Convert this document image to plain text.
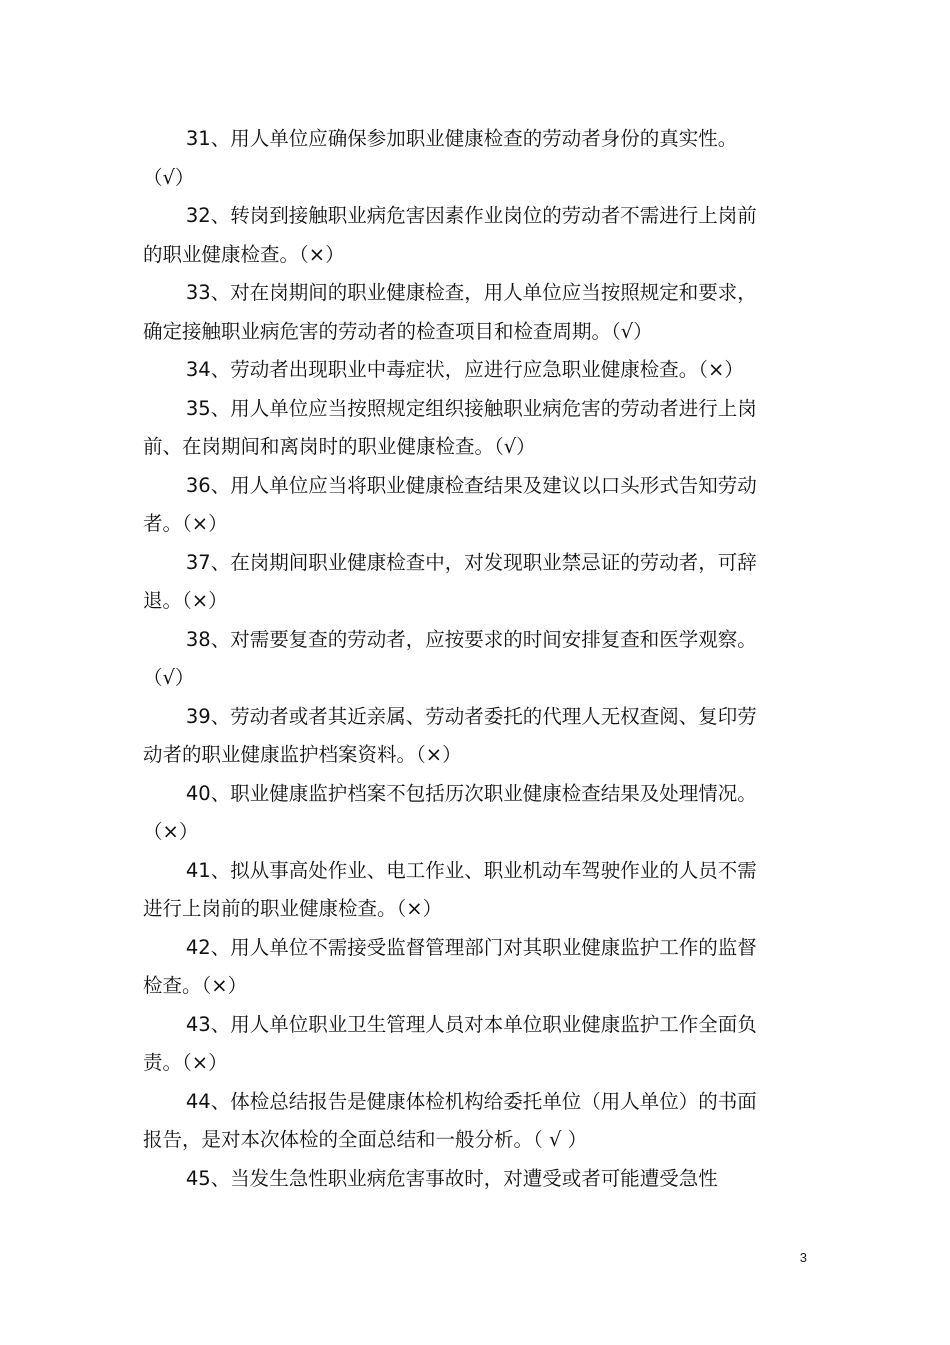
31、用人单位应确保参加职业健康检查的劳动者身份的真实性。（√）

32、转岗到接触职业病危害因素作业岗位的劳动者不需进行上岗前的职业健康检查。（×）

33、对在岗期间的职业健康检查，用人单位应当按照规定和要求，确定接触职业病危害的劳动者的检查项目和检查周期。（√）

34、劳动者出现职业中毒症状，应进行应急职业健康检查。（×）

35、用人单位应当按照规定组织接触职业病危害的劳动者进行上岗前、在岗期间和离岗时的职业健康检查。（√）

36、用人单位应当将职业健康检查结果及建议以口头形式告知劳动者。（×）

37、在岗期间职业健康检查中，对发现职业禁忌证的劳动者，可辞退。（×）

38、对需要复查的劳动者，应按要求的时间安排复查和医学观察。（√）

39、劳动者或者其近亲属、劳动者委托的代理人无权查阅、复印劳动者的职业健康监护档案资料。（×）

40、职业健康监护档案不包括历次职业健康检查结果及处理情况。（×）

41、拟从事高处作业、电工作业、职业机动车驾驶作业的人员不需进行上岗前的职业健康检查。（×）

42、用人单位不需接受监督管理部门对其职业健康监护工作的监督检查。（×）

43、用人单位职业卫生管理人员对本单位职业健康监护工作全面负责。（×）

44、体检总结报告是健康体检机构给委托单位（用人单位）的书面报告，是对本次体检的全面总结和一般分析。（ √ ）

45、当发生急性职业病危害事故时，对遭受或者可能遭受急性

3
